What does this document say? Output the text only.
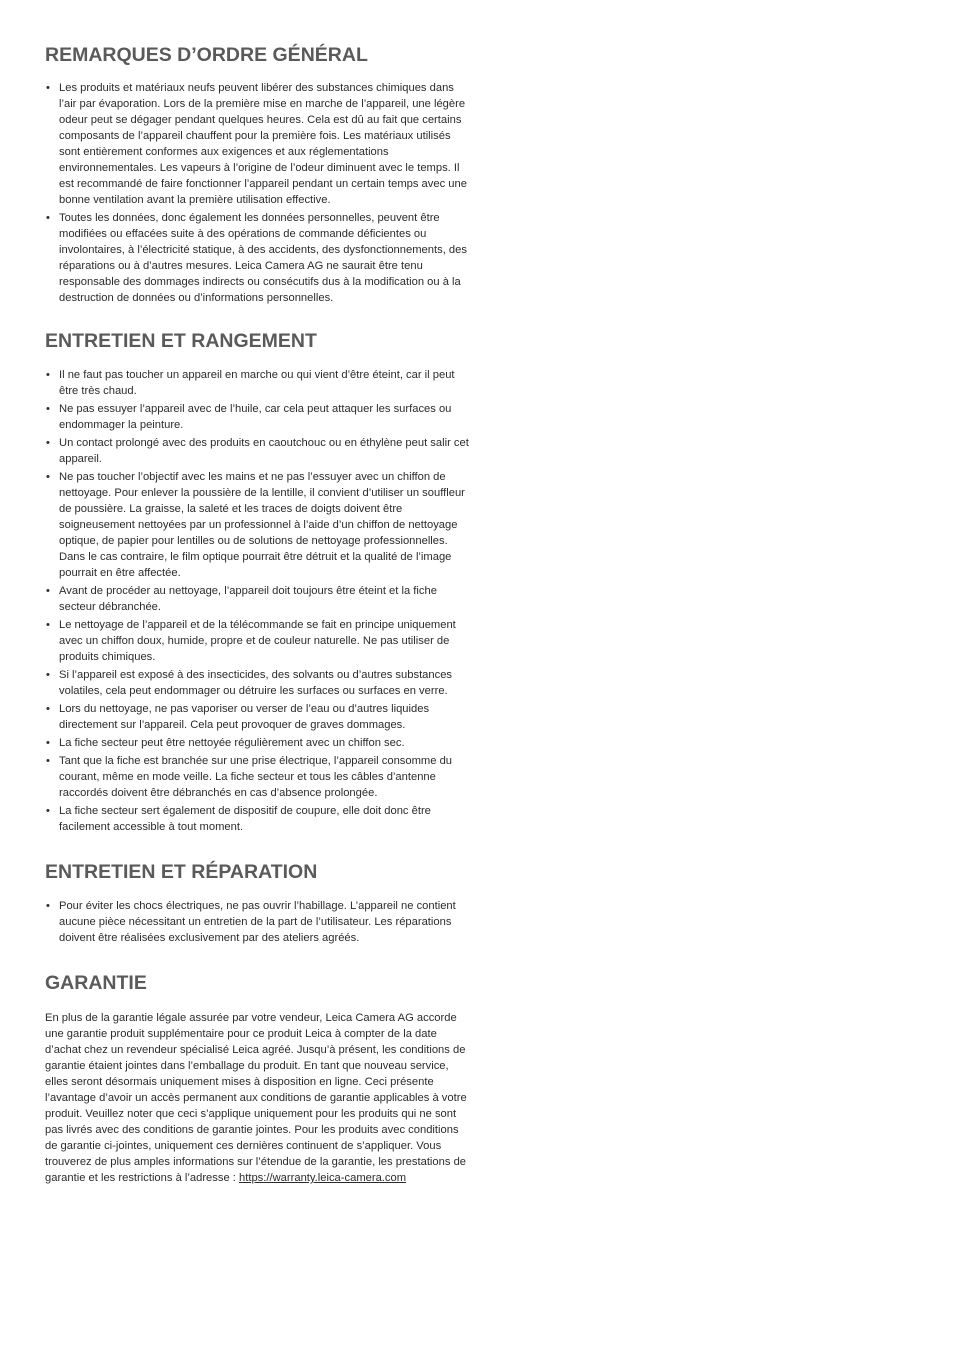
REMARQUES D’ORDRE GÉNÉRAL
• Les produits et matériaux neufs peuvent libérer des substances chimiques dans l’air par évaporation. Lors de la première mise en marche de l’appareil, une légère odeur peut se dégager pendant quelques heures. Cela est dû au fait que certains composants de l’appareil chauffent pour la première fois. Les matériaux utilisés sont entièrement conformes aux exigences et aux réglementations environnementales. Les vapeurs à l’origine de l’odeur diminuent avec le temps. Il est recommandé de faire fonctionner l’appareil pendant un certain temps avec une bonne ventilation avant la première utilisation effective.
• Toutes les données, donc également les données personnelles, peuvent être modifiées ou effacées suite à des opérations de commande déficientes ou involontaires, à l’électricité statique, à des accidents, des dysfonctionnements, des réparations ou à d’autres mesures. Leica Camera AG ne saurait être tenu responsable des dommages indirects ou consécutifs dus à la modification ou à la destruction de données ou d’informations personnelles.
ENTRETIEN ET RANGEMENT
• Il ne faut pas toucher un appareil en marche ou qui vient d’être éteint, car il peut être très chaud.
• Ne pas essuyer l’appareil avec de l’huile, car cela peut attaquer les surfaces ou endommager la peinture.
• Un contact prolongé avec des produits en caoutchouc ou en éthylène peut salir cet appareil.
• Ne pas toucher l’objectif avec les mains et ne pas l’essuyer avec un chiffon de nettoyage. Pour enlever la poussière de la lentille, il convient d’utiliser un souffleur de poussière. La graisse, la saleté et les traces de doigts doivent être soigneusement nettoyées par un professionnel à l’aide d’un chiffon de nettoyage optique, de papier pour lentilles ou de solutions de nettoyage professionnelles. Dans le cas contraire, le film optique pourrait être détruit et la qualité de l’image pourrait en être affectée.
• Avant de procéder au nettoyage, l’appareil doit toujours être éteint et la fiche secteur débranchée.
• Le nettoyage de l’appareil et de la télécommande se fait en principe uniquement avec un chiffon doux, humide, propre et de couleur naturelle. Ne pas utiliser de produits chimiques.
• Si l’appareil est exposé à des insecticides, des solvants ou d’autres substances volatiles, cela peut endommager ou détruire les surfaces ou surfaces en verre.
• Lors du nettoyage, ne pas vaporiser ou verser de l’eau ou d’autres liquides directement sur l’appareil. Cela peut provoquer de graves dommages.
• La fiche secteur peut être nettoyée régulièrement avec un chiffon sec.
• Tant que la fiche est branchée sur une prise électrique, l’appareil consomme du courant, même en mode veille. La fiche secteur et tous les câbles d’antenne raccordés doivent être débranchés en cas d’absence prolongée.
• La fiche secteur sert également de dispositif de coupure, elle doit donc être facilement accessible à tout moment.
ENTRETIEN ET RÉPARATION
• Pour éviter les chocs électriques, ne pas ouvrir l’habillage. L’appareil ne contient aucune pièce nécessitant un entretien de la part de l’utilisateur. Les réparations doivent être réalisées exclusivement par des ateliers agréés.
GARANTIE

En plus de la garantie légale assurée par votre vendeur, Leica Camera AG accorde une garantie produit supplémentaire pour ce produit Leica à compter de la date d’achat chez un revendeur spécialisé Leica agréé. Jusqu’à présent, les conditions de garantie étaient jointes dans l’emballage du produit. En tant que nouveau service, elles seront désormais uniquement mises à disposition en ligne. Ceci présente l’avantage d’avoir un accès permanent aux conditions de garantie applicables à votre produit. Veuillez noter que ceci s’applique uniquement pour les produits qui ne sont pas livrés avec des conditions de garantie jointes. Pour les produits avec conditions de garantie ci-jointes, uniquement ces dernières continuent de s’appliquer. Vous trouverez de plus amples informations sur l’étendue de la garantie, les prestations de garantie et les restrictions à l’adresse : https://warranty.leica-camera.com
